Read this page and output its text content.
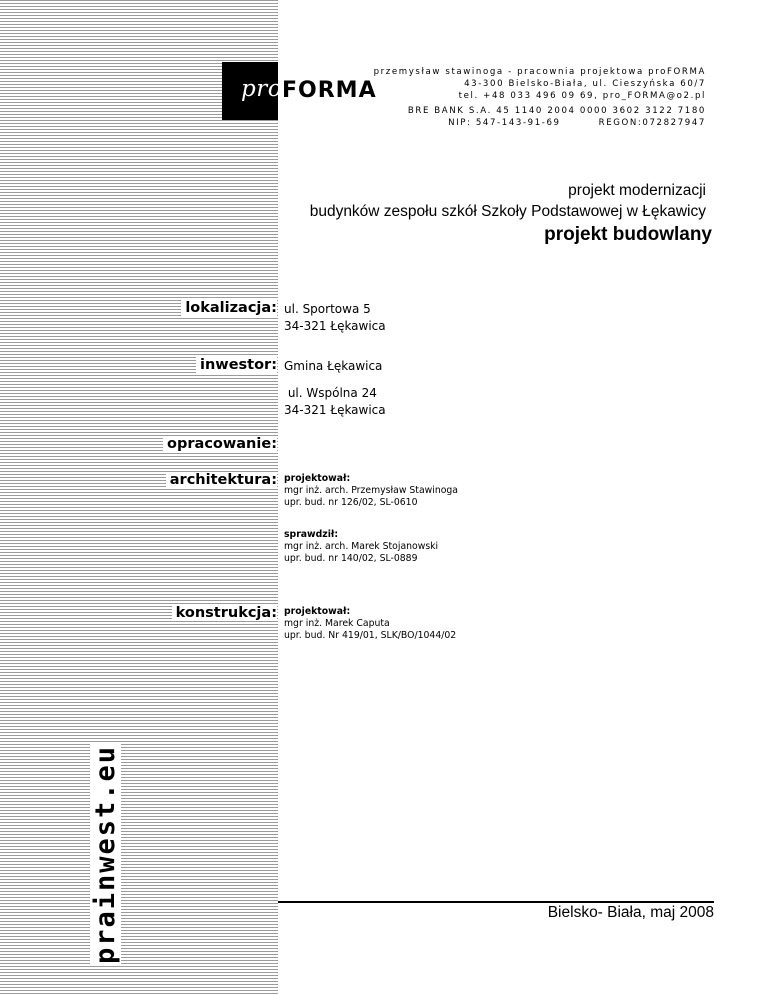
pro FORMA
przemysław stawinoga - pracownia projektowa proFORMA
43-300 Bielsko-Biała, ul. Cieszyńska 60/7
tel. +48 033 496 09 69, pro_FORMA@o2.pl
BRE BANK S.A. 45 1140 2004 0000 3602 3122 7180
NIP: 547-143-91-69	REGON:072827947
projekt modernizacji
budynków zespołu szkół Szkoły Podstawowej w Łękawicy
projekt budowlany
lokalizacja: ul. Sportowa 5
34-321 Łękawica
inwestor: Gmina Łękawica
ul. Wspólna 24
34-321 Łękawica
opracowanie:
architektura: projektował:
mgr inż. arch. Przemysław Stawinoga
upr. bud. nr 126/02, SL-0610
sprawdził:
mgr inż. arch. Marek Stojanowski
upr. bud. nr 140/02, SL-0889
konstrukcja: projektował:
mgr inż. Marek Caputa
upr. bud. Nr 419/01, SLK/BO/1044/02
Bielsko- Biała, maj 2008
prainwest.eu
